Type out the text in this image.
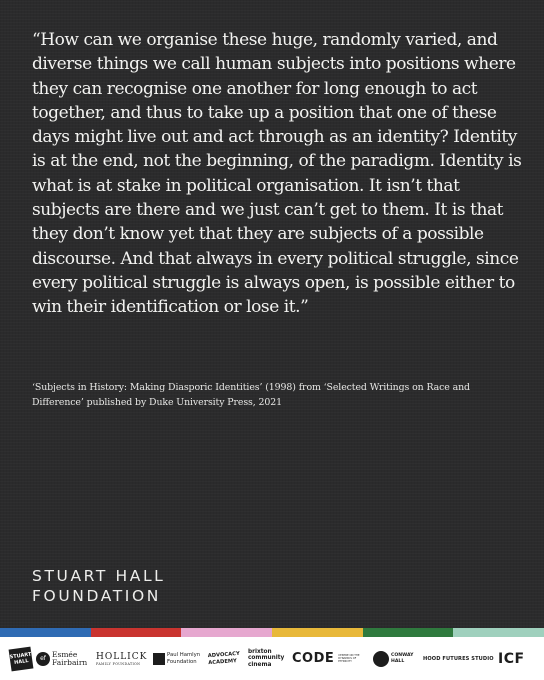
“How can we organise these huge, randomly varied, and diverse things we call human subjects into positions where they can recognise one another for long enough to act together, and thus to take up a position that one of these days might live out and act through as an identity? Identity is at the end, not the beginning, of the paradigm. Identity is what is at stake in political organisation. It isn’t that subjects are there and we just can’t get to them. It is that they don’t know yet that they are subjects of a possible discourse. And that always in every political struggle, since every political struggle is always open, is possible either to win their identification or lose it.”

‘Subjects in History: Making Diasporic Identities’ (1998) from ‘Selected Writings on Race and Difference’ published by Duke University Press, 2021

STUART HALL
FOUNDATION
STUART HALL	ef Esmée
Fairbairn
HOLLICK
FAMILY FOUNDATION
Paul Hamlyn
Foundation
ADVOCACY
ACADEMY
brixton
community
cinema	CODE CENTRE ON THE DYNAMICS OF ETHNICITY
CONWAY
HALL	HOOD FUTURES STUDIO ICF
